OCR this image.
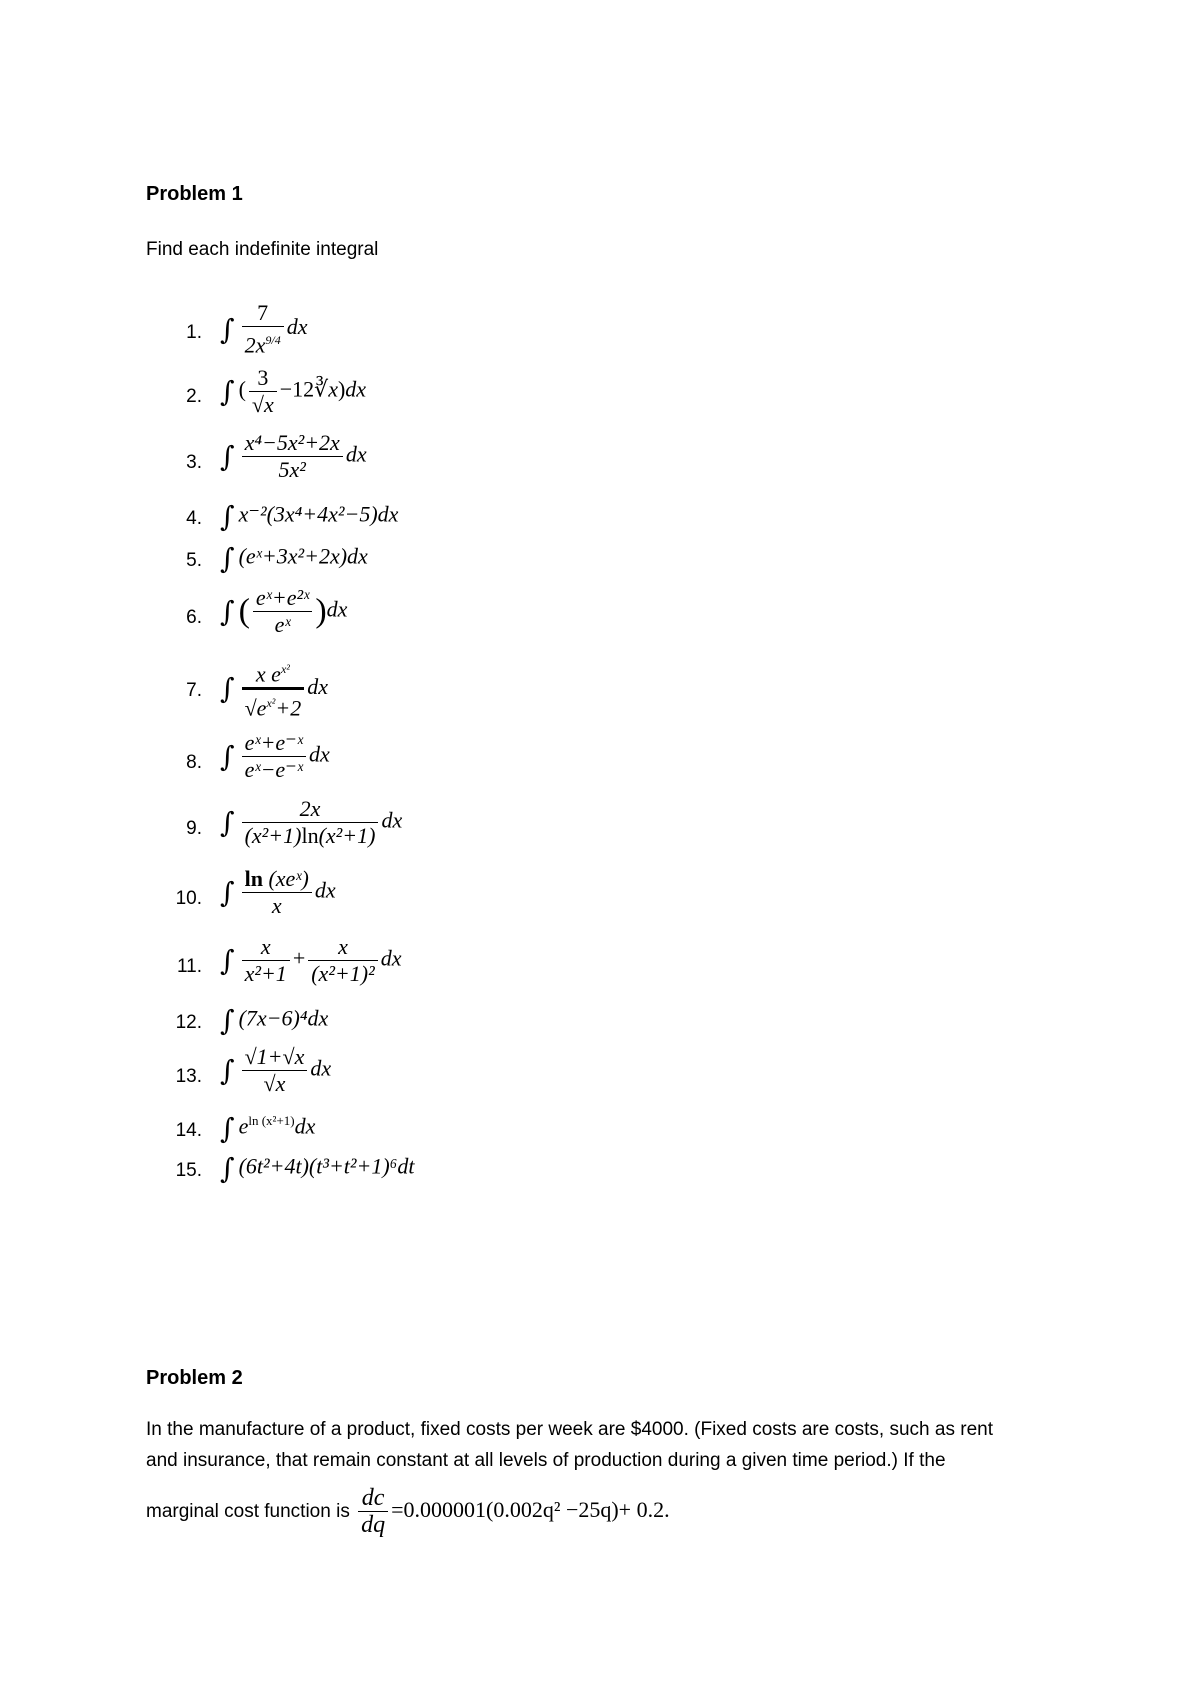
Problem 1
Find each indefinite integral
1. ∫ $\frac{7}{2x^{9/4}}$ dx
2. ∫ ( $\frac{3}{√x}$ −12∛x)dx
3. ∫ $\frac{\text{x⁴−5x²+2x}}{\text{5x²}}$ dx
4. ∫ x⁻²(3x⁴+4x²−5)dx
5. ∫ (eˣ+3x²+2x)dx
6. ∫ ( $\frac{\text{eˣ+e²ˣ}}{\text{eˣ}} )dx$
7. ∫ $\frac{x e^{x^2}}{√e^{x^2}+2}$ dx
8. ∫ $\frac{\text{eˣ+e⁻ˣ}}{\text{eˣ−e⁻ˣ}}$ dx
9. ∫ $\frac{2x}{\text{(x²+1)ln(x²+1)}}$ dx
10. ∫ $\frac{\text{ln (xeˣ)}}{x}$ dx
11. ∫ $\frac{x}{\text{x²+1}} + \frac{x}{\text{(x²+1)²}}$ dx
12. ∫ (7x−6)⁴dx
13. ∫ $\frac{√1+√x}{√x}$ dx
14. ∫ $e^{ln (x^2+1)}dx$
15. ∫ (6t²+4t)(t³+t²+1)⁶dt
Problem 2
In the manufacture of a product, fixed costs per week are $4000. (Fixed costs are costs, such as rent
and insurance, that remain constant at all levels of production during a given time period.) If the
marginal cost function is $\frac{dc}{dq} =0.000001(0.002q^2 -25q)+ 0.2$.
